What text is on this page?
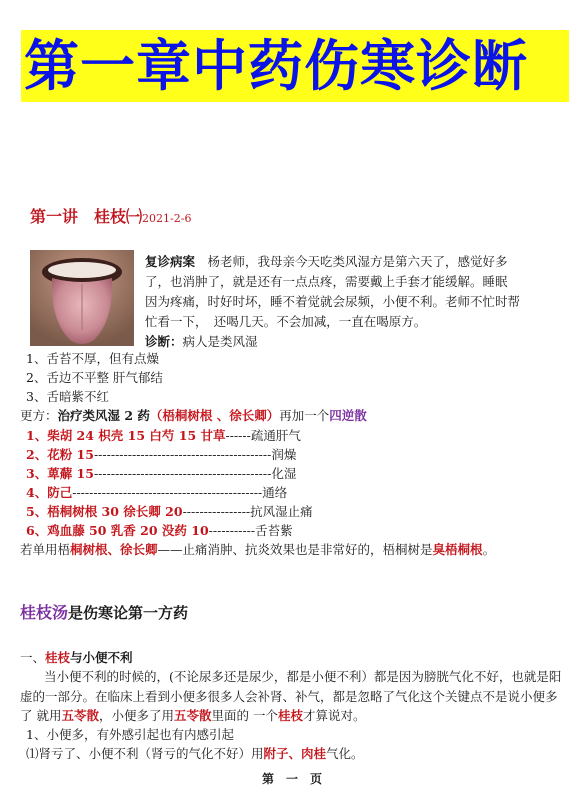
第一章中药伤寒诊断
第一讲　桂枝㈠2021-2-6
复诊病案　 杨老师，我母亲今天吃类风湿方是第六天了，感觉好多
了，也消肿了，就是还有一点点疼，需要戴上手套才能缓解。睡眠
因为疼痛，时好时坏，睡不着觉就会尿频，小便不利。老师不忙时帮
忙看一下，　还喝几天。不会加减，一直在喝原方。
诊断：病人是类风湿
1、舌苔不厚，但有点燥
2、舌边不平整 肝气郁结
3、舌暗紫不红
更方：治疗类风湿 2 药（梧桐树根 、徐长卿）再加一个四逆散
1、柴胡 24 枳壳 15 白芍 15 甘草------疏通肝气
2、花粉 15------------------------------------------润燥
3、萆薢 15------------------------------------------化湿
4、防己---------------------------------------------通络
5、梧桐树根 30 徐长卿 20----------------抗风湿止痛
6、鸡血藤 50 乳香 20 没药 10-----------舌苔紫
若单用梧桐树根、徐长卿——止痛消肿、抗炎效果也是非常好的，梧桐树是臭梧桐根。
桂枝汤是伤寒论第一方药
一、桂枝与小便不利
当小便不利的时候的，(不论尿多还是尿少，都是小便不利）都是因为膀胱气化不好，也就是阳
虚的一部分。在临床上看到小便多很多人会补肾、补气，都是忽略了气化这个关键点不是说小便多
了 就用五苓散，小便多了用五苓散里面的 一个桂枝才算说对。
1、小便多，有外感引起也有内感引起
⑴肾亏了、小便不利（肾亏的气化不好）用附子、肉桂气化。
第　一　页
